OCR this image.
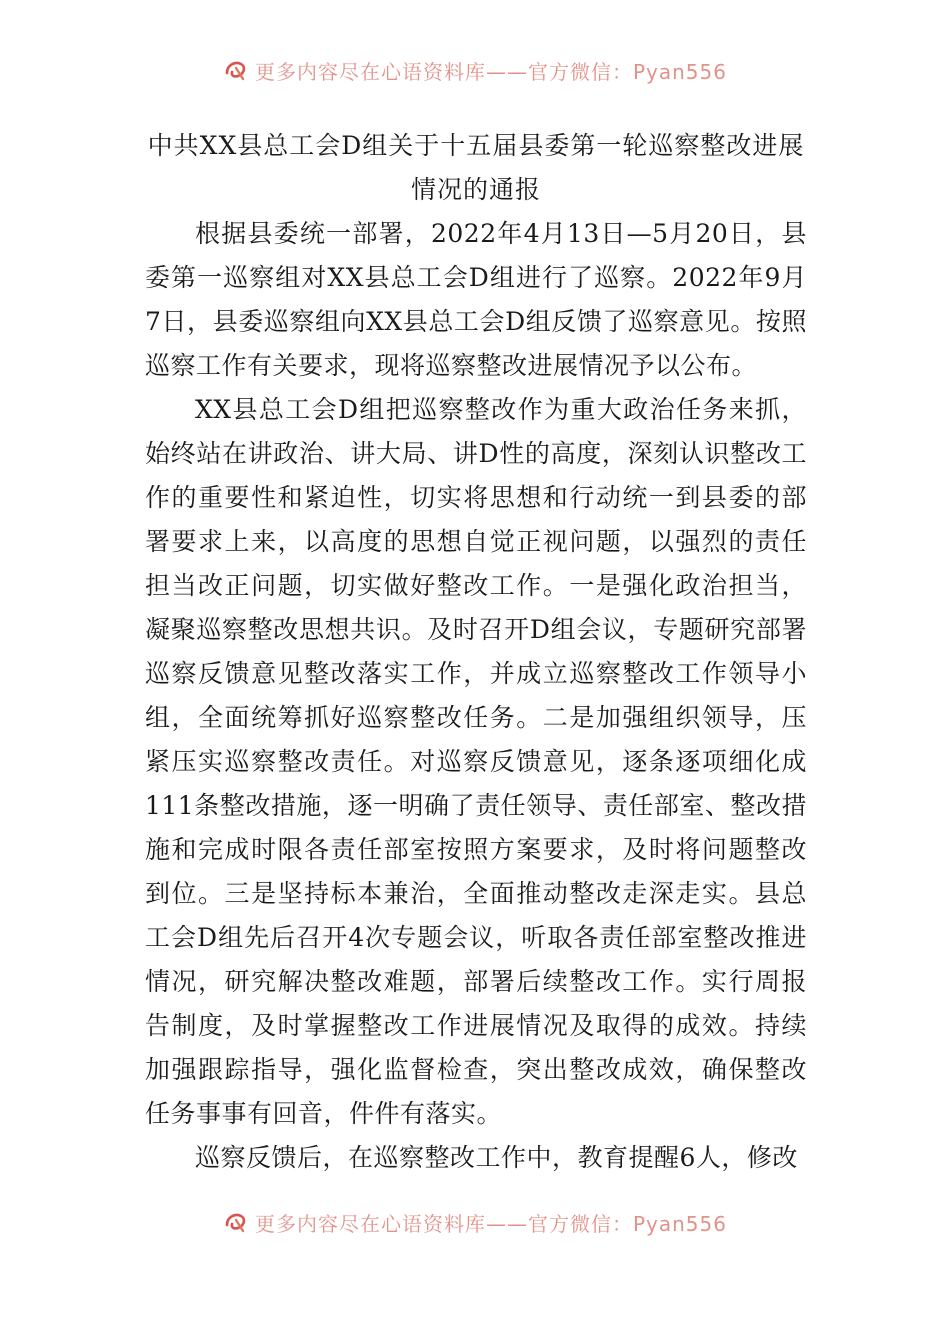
更多内容尽在心语资料库——官方微信：Pyan556
中共XX县总工会D组关于十五届县委第一轮巡察整改进展情况的通报

根据县委统一部署，2022年4月13日—5月20日，县委第一巡察组对XX县总工会D组进行了巡察。2022年9月7日，县委巡察组向XX县总工会D组反馈了巡察意见。按照巡察工作有关要求，现将巡察整改进展情况予以公布。

XX县总工会D组把巡察整改作为重大政治任务来抓，始终站在讲政治、讲大局、讲D性的高度，深刻认识整改工作的重要性和紧迫性，切实将思想和行动统一到县委的部署要求上来，以高度的思想自觉正视问题，以强烈的责任担当改正问题，切实做好整改工作。一是强化政治担当，凝聚巡察整改思想共识。及时召开D组会议，专题研究部署巡察反馈意见整改落实工作，并成立巡察整改工作领导小组，全面统筹抓好巡察整改任务。二是加强组织领导，压紧压实巡察整改责任。对巡察反馈意见，逐条逐项细化成111条整改措施，逐一明确了责任领导、责任部室、整改措施和完成时限各责任部室按照方案要求，及时将问题整改到位。三是坚持标本兼治，全面推动整改走深走实。县总工会D组先后召开4次专题会议，听取各责任部室整改推进情况，研究解决整改难题，部署后续整改工作。实行周报告制度，及时掌握整改工作进展情况及取得的成效。持续加强跟踪指导，强化监督检查，突出整改成效，确保整改任务事事有回音，件件有落实。

巡察反馈后，在巡察整改工作中，教育提醒6人，修改

更多内容尽在心语资料库——官方微信：Pyan556
